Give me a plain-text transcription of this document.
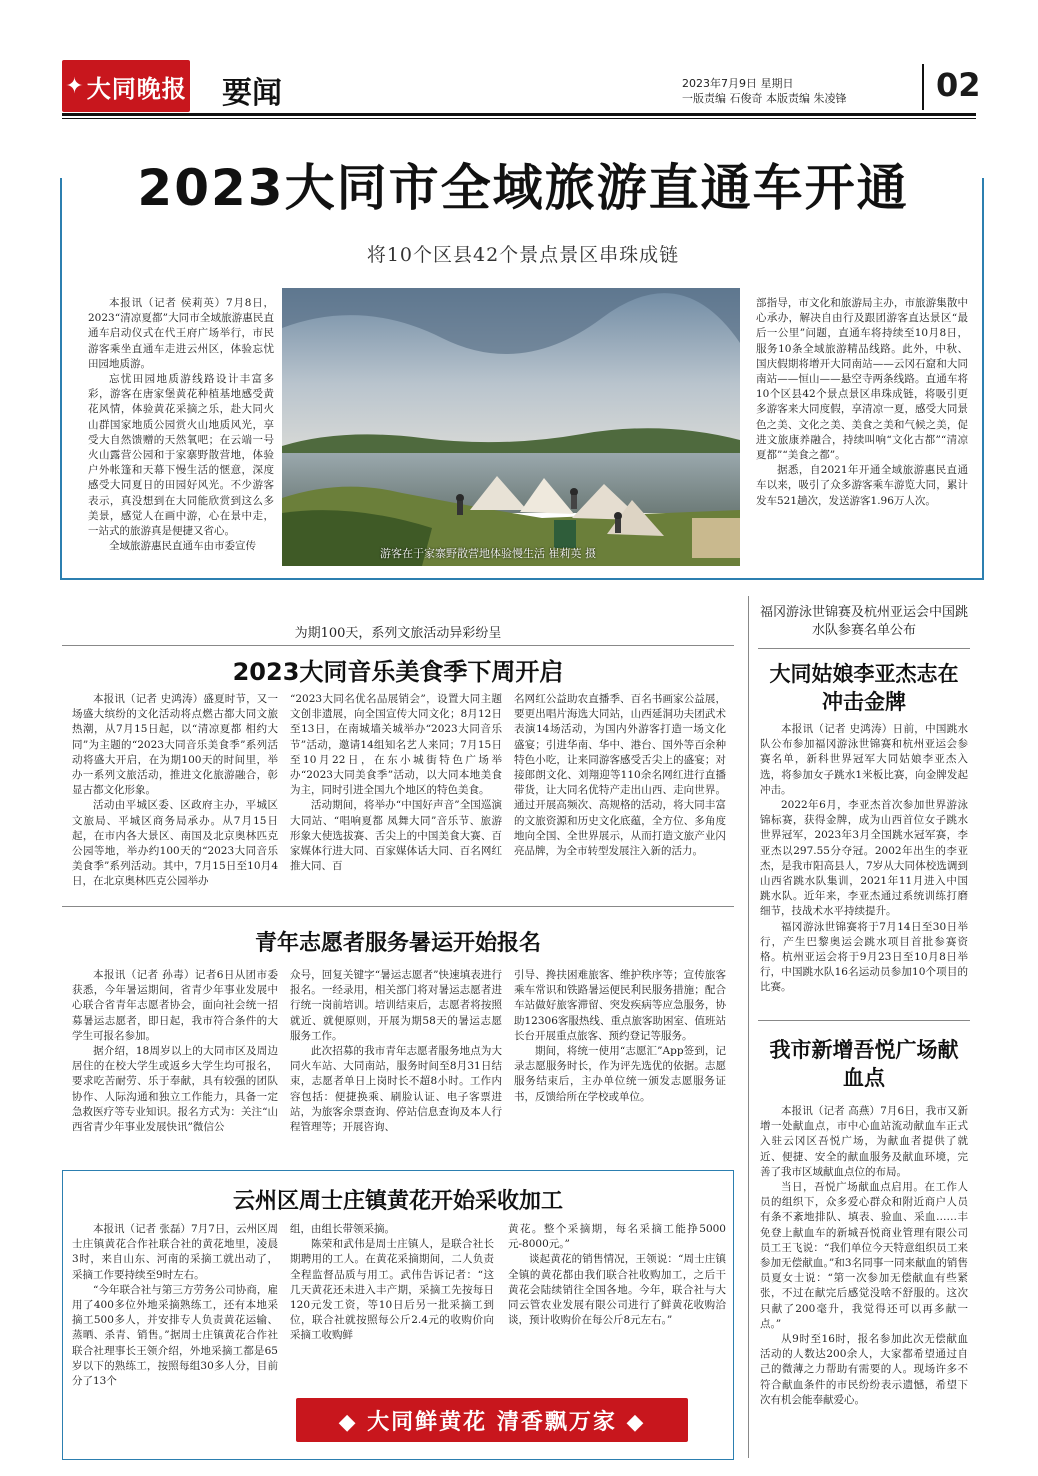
✦ 大同晚报 要闻	2023年7月9日 星期日
一版责编 石俊奇 本版责编 朱凌锋	02
2023大同市全域旅游直通车开通
将10个区县42个景点景区串珠成链

本报讯（记者 侯莉英）7月8日，2023“清凉夏都”大同市全域旅游惠民直通车启动仪式在代王府广场举行，市民游客乘坐直通车走进云州区，体验忘忧田园地质游。

忘忧田园地质游线路设计丰富多彩，游客在唐家堡黄花种植基地感受黄花风情，体验黄花采摘之乐，赴大同火山群国家地质公园赏火山地质风光，享受大自然馈赠的天然氧吧；在云端一号火山露营公园和于家寨野散营地，体验户外帐篷和天幕下慢生活的惬意，深度感受大同夏日的田园好风光。不少游客表示，真没想到在大同能欣赏到这么多美景，感觉人在画中游，心在景中走，一站式的旅游真是便捷又省心。

全域旅游惠民直通车由市委宣传

游客在于家寨野散营地体验慢生活 崔莉英 摄

部指导，市文化和旅游局主办，市旅游集散中心承办，解决自由行及跟团游客直达景区“最后一公里”问题，直通车将持续至10月8日，服务10条全域旅游精品线路。此外，中秋、国庆假期将增开大同南站——云冈石窟和大同南站——恒山——悬空寺两条线路。直通车将10个区县42个景点景区串珠成链，将吸引更多游客来大同度假，享清凉一夏，感受大同景色之美、文化之美、美食之美和气候之美，促进文旅康养融合，持续叫响“文化古都”“清凉夏都”“美食之都”。

据悉，自2021年开通全域旅游惠民直通车以来，吸引了众多游客乘车游览大同，累计发车521趟次，发送游客1.96万人次。

为期100天，系列文旅活动异彩纷呈
2023大同音乐美食季下周开启

本报讯（记者 史鸿涛）盛夏时节，又一场盛大缤纷的文化活动将点燃古都大同文旅热潮，从7月15日起，以“清凉夏都 相约大同”为主题的“2023大同音乐美食季”系列活动将盛大开启，在为期100天的时间里，举办一系列文旅活动，推进文化旅游融合，彰显古都文化形象。

活动由平城区委、区政府主办，平城区文旅局、平城区商务局承办。从7月15日起，在市内各大景区、南国及北京奥林匹克公园等地，举办约100天的“2023大同音乐美食季”系列活动。其中，7月15日至10月4日，在北京奥林匹克公园举办

“2023大同名优名品展销会”，设置大同主题文创非遗展，向全国宣传大同文化；8月12日至13日，在南城墙关城举办“2023大同音乐节”活动，邀请14组知名艺人来同；7月15日至10月22日，在东小城街特色广场举办“2023大同美食季”活动，以大同本地美食为主，同时引进全国九个地区的特色美食。

活动期间，将举办“中国好声音”全国巡演大同站、“唱响夏都 凤舞大同”音乐节、旅游形象大使选拔赛、舌尖上的中国美食大赛、百家媒体行进大同、百家媒体话大同、百名网红推大同、百

名网红公益助农直播季、百名书画家公益展，要更出唱片海选大同站，山西延洞功夫团武术表演14场活动，为国内外游客打造一场文化盛宴；引进华南、华中、港台、国外等百余种特色小吃，让来同游客感受舌尖上的盛宴；对接郎朗文化、刘翔迎等110余名网红进行直播带货，让大同名优特产走出山西、走向世界。通过开展高频次、高规格的活动，将大同丰富的文旅资源和历史文化底蕴，全方位、多角度地向全国、全世界展示，从而打造文旅产业闪亮品牌，为全市转型发展注入新的活力。

青年志愿者服务暑运开始报名

本报讯（记者 孙毒）记者6日从团市委获悉，今年暑运期间，省青少年事业发展中心联合省青年志愿者协会，面向社会统一招募暑运志愿者，即日起，我市符合条件的大学生可报名参加。

据介绍，18周岁以上的大同市区及周边居住的在校大学生或返乡大学生均可报名，要求吃苦耐劳、乐于奉献，具有较强的团队协作、人际沟通和独立工作能力，具备一定急救医疗等专业知识。报名方式为：关注“山西省青少年事业发展快讯”微信公

众号，回复关键字“暑运志愿者”快速填表进行报名。一经录用，相关部门将对暑运志愿者进行统一岗前培训。培训结束后，志愿者将按照就近、就便原则，开展为期58天的暑运志愿服务工作。

此次招募的我市青年志愿者服务地点为大同火车站、大同南站，服务时间至8月31日结束，志愿者单日上岗时长不超8小时。工作内容包括：便捷换乘、刷脸认证、电子客票进站，为旅客余票查询、停站信息查询及本人行程管理等；开展咨询、

引导、搀扶困难旅客、维护秩序等；宣传旅客乘车常识和铁路暑运便民利民服务措施；配合车站做好旅客滞留、突发疾病等应急服务，协助12306客服热线、重点旅客助困室、值班站长台开展重点旅客、预约登记等服务。

期间，将统一使用“志愿汇”App签到，记录志愿服务时长，作为评先选优的依据。志愿服务结束后，主办单位统一颁发志愿服务证书，反馈给所在学校或单位。

云州区周士庄镇黄花开始采收加工

本报讯（记者 张磊）7月7日，云州区周士庄镇黄花合作社联合社的黄花地里，凌晨3时，来自山东、河南的采摘工就出动了，采摘工作要持续至9时左右。

“今年联合社与第三方劳务公司协商，雇用了400多位外地采摘熟练工，还有本地采摘工500多人，并安排专人负责黄花运输、蒸晒、杀青、销售。”据周士庄镇黄花合作社联合社理事长王领介绍，外地采摘工都是65岁以下的熟练工，按照每组30多人分，目前分了13个

组，由组长带领采摘。

陈荣和武伟是周士庄镇人，是联合社长期聘用的工人。在黄花采摘期间，二人负责全程监督品质与用工。武伟告诉记者：“这几天黄花还未进入丰产期，采摘工先按每日120元发工资，等10日后另一批采摘工到位，联合社就按照每公斤2.4元的收购价向采摘工收购鲜

黄花。整个采摘期，每名采摘工能挣5000元-8000元。”

谈起黄花的销售情况，王领说：“周士庄镇全镇的黄花都由我们联合社收购加工，之后干黄花会陆续销往全国各地。今年，联合社与大同云管农业发展有限公司进行了鲜黄花收购洽谈，预计收购价在每公斤8元左右。”

◆ 大同鲜黄花 清香飘万家 ◆
福冈游泳世锦赛及杭州亚运会中国跳水队参赛名单公布
大同姑娘李亚杰志在冲击金牌

本报讯（记者 史鸿涛）日前，中国跳水队公布参加福冈游泳世锦赛和杭州亚运会参赛名单，新科世界冠军大同姑娘李亚杰入选，将参加女子跳水1米板比赛，向金牌发起冲击。

2022年6月，李亚杰首次参加世界游泳锦标赛，获得金牌，成为山西首位女子跳水世界冠军，2023年3月全国跳水冠军赛，李亚杰以297.55分夺冠。2002年出生的李亚杰，是我市阳高县人，7岁从大同体校选调到山西省跳水队集训，2021年11月进入中国跳水队。近年来，李亚杰通过系统训练打磨细节，技战术水平持续提升。

福冈游泳世锦赛将于7月14日至30日举行，产生巴黎奥运会跳水项目首批参赛资格。杭州亚运会将于9月23日至10月8日举行，中国跳水队16名运动员参加10个项目的比赛。

我市新增吾悦广场献血点

本报讯（记者 高燕）7月6日，我市又新增一处献血点，市中心血站流动献血车正式入驻云冈区吾悦广场，为献血者提供了就近、便捷、安全的献血服务及献血环境，完善了我市区域献血点位的布局。

当日，吾悦广场献血点启用。在工作人员的组织下，众多爱心群众和附近商户人员有条不紊地排队、填表、验血、采血……丰免登上献血车的新城吾悦商业管理有限公司员工王飞说：“我们单位今天特意组织员工来参加无偿献血。”和3名同事一同来献血的销售员夏女士说：“第一次参加无偿献血有些紧张，不过在献完后感觉没啥不舒服的。这次只献了200毫升，我觉得还可以再多献一点。”

从9时至16时，报名参加此次无偿献血活动的人数达200余人，大家都希望通过自己的微薄之力帮助有需要的人。现场许多不符合献血条件的市民纷纷表示遗憾，希望下次有机会能奉献爱心。
